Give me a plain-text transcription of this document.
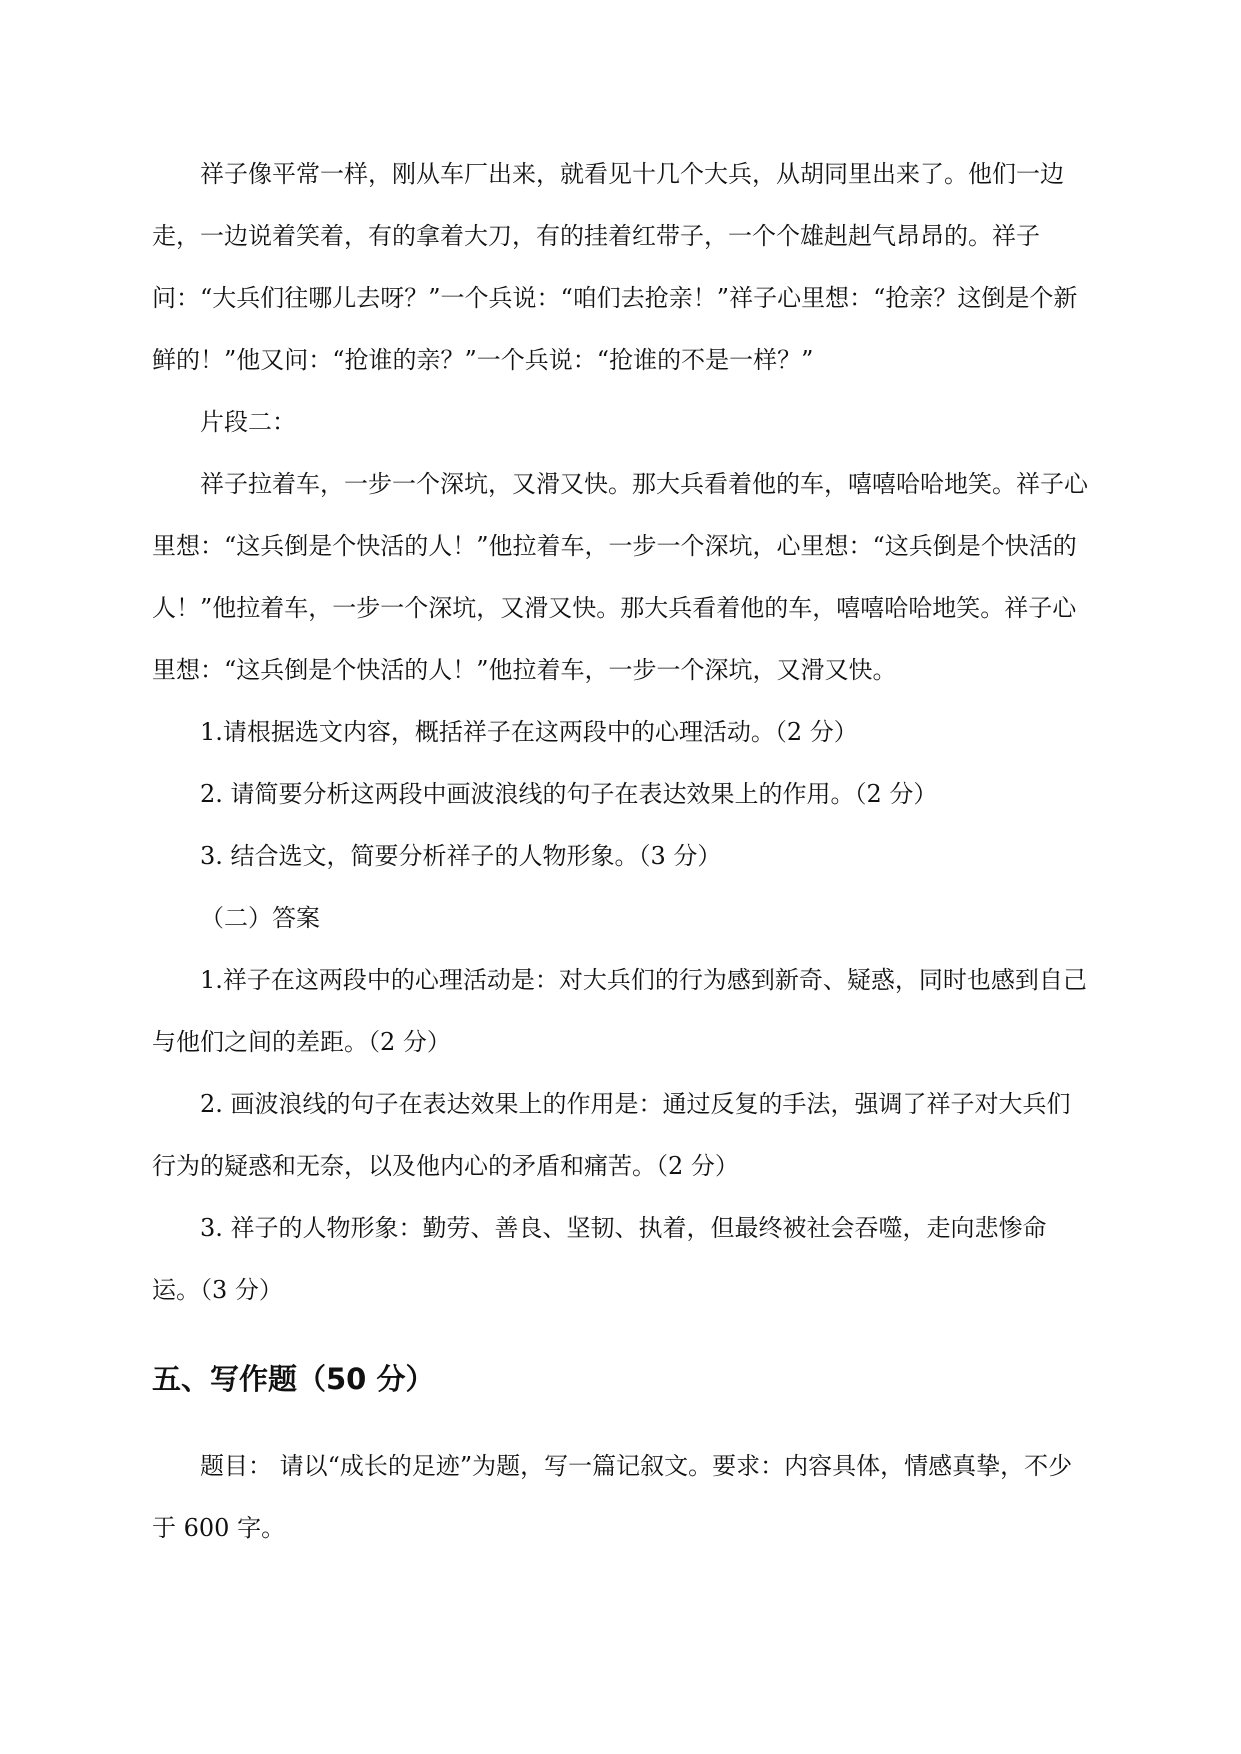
祥子像平常一样，刚从车厂出来，就看见十几个大兵，从胡同里出来了。他们一边走，一边说着笑着，有的拿着大刀，有的挂着红带子，一个个雄赳赳气昂昂的。祥子问：“大兵们往哪儿去呀？”一个兵说：“咱们去抢亲！”祥子心里想：“抢亲？这倒是个新鲜的！”他又问：“抢谁的亲？”一个兵说：“抢谁的不是一样？”

片段二：

祥子拉着车，一步一个深坑，又滑又快。那大兵看着他的车，嘻嘻哈哈地笑。祥子心里想：“这兵倒是个快活的人！”他拉着车，一步一个深坑，心里想：“这兵倒是个快活的人！”他拉着车，一步一个深坑，又滑又快。那大兵看着他的车，嘻嘻哈哈地笑。祥子心里想：“这兵倒是个快活的人！”他拉着车，一步一个深坑，又滑又快。

1.请根据选文内容，概括祥子在这两段中的心理活动。（2 分）

2. 请简要分析这两段中画波浪线的句子在表达效果上的作用。（2 分）

3. 结合选文，简要分析祥子的人物形象。（3 分）

（二）答案

1.祥子在这两段中的心理活动是：对大兵们的行为感到新奇、疑惑，同时也感到自己与他们之间的差距。（2 分）

2. 画波浪线的句子在表达效果上的作用是：通过反复的手法，强调了祥子对大兵们行为的疑惑和无奈，以及他内心的矛盾和痛苦。（2 分）

3. 祥子的人物形象：勤劳、善良、坚韧、执着，但最终被社会吞噬，走向悲惨命运。（3 分）

五、写作题（50 分）

题目： 请以“成长的足迹”为题，写一篇记叙文。要求：内容具体，情感真挚，不少于 600 字。
